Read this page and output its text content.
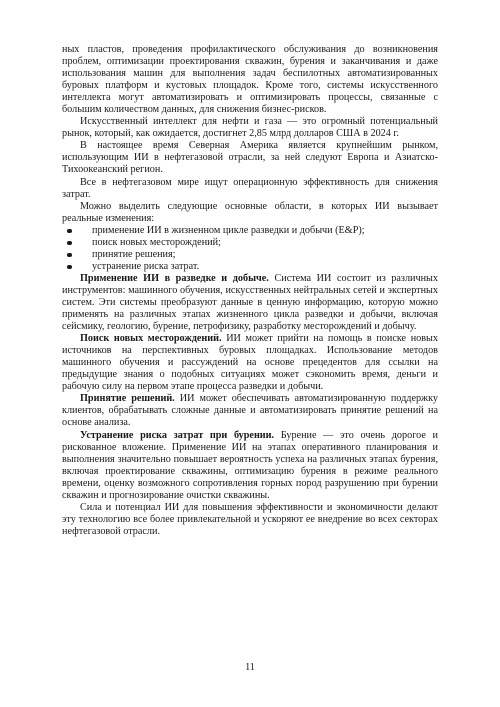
ных пластов, проведения профилактического обслуживания до возникновения проблем, оптимизации проектирования скважин, бурения и заканчивания и даже использования машин для выполнения задач беспилотных автоматизированных буровых платформ и кустовых площадок. Кроме того, системы искусственного интеллекта могут автоматизировать и оптимизировать процессы, связанные с большим количеством данных, для снижения бизнес-рисков.

Искусственный интеллект для нефти и газа — это огромный потенциальный рынок, который, как ожидается, достигнет 2,85 млрд долларов США в 2024 г.

В настоящее время Северная Америка является крупнейшим рынком, использующим ИИ в нефтегазовой отрасли, за ней следуют Европа и Азиатско-Тихоокеанский регион.

Все в нефтегазовом мире ищут операционную эффективность для снижения затрат.

Можно выделить следующие основные области, в которых ИИ вызывает реальные изменения:

применение ИИ в жизненном цикле разведки и добычи (E&P);
поиск новых месторождений;
принятие решения;
устранение риска затрат.

Применение ИИ в разведке и добыче. Система ИИ состоит из различных инструментов: машинного обучения, искусственных нейтральных сетей и экспертных систем. Эти системы преобразуют данные в ценную информацию, которую можно применять на различных этапах жизненного цикла разведки и добычи, включая сейсмику, геологию, бурение, петрофизику, разработку месторождений и добычу.

Поиск новых месторождений. ИИ может прийти на помощь в поиске новых источников на перспективных буровых площадках. Использование методов машинного обучения и рассуждений на основе прецедентов для ссылки на предыдущие знания о подобных ситуациях может сэкономить время, деньги и рабочую силу на первом этапе процесса разведки и добычи.

Принятие решений. ИИ может обеспечивать автоматизированную поддержку клиентов, обрабатывать сложные данные и автоматизировать принятие решений на основе анализа.

Устранение риска затрат при бурении. Бурение — это очень дорогое и рискованное вложение. Применение ИИ на этапах оперативного планирования и выполнения значительно повышает вероятность успеха на различных этапах бурения, включая проектирование скважины, оптимизацию бурения в режиме реального времени, оценку возможного сопротивления горных пород разрушению при бурении скважин и прогнозирование очистки скважины.

Сила и потенциал ИИ для повышения эффективности и экономичности делают эту технологию все более привлекательной и ускоряют ее внедрение во всех секторах нефтегазовой отрасли.

11
